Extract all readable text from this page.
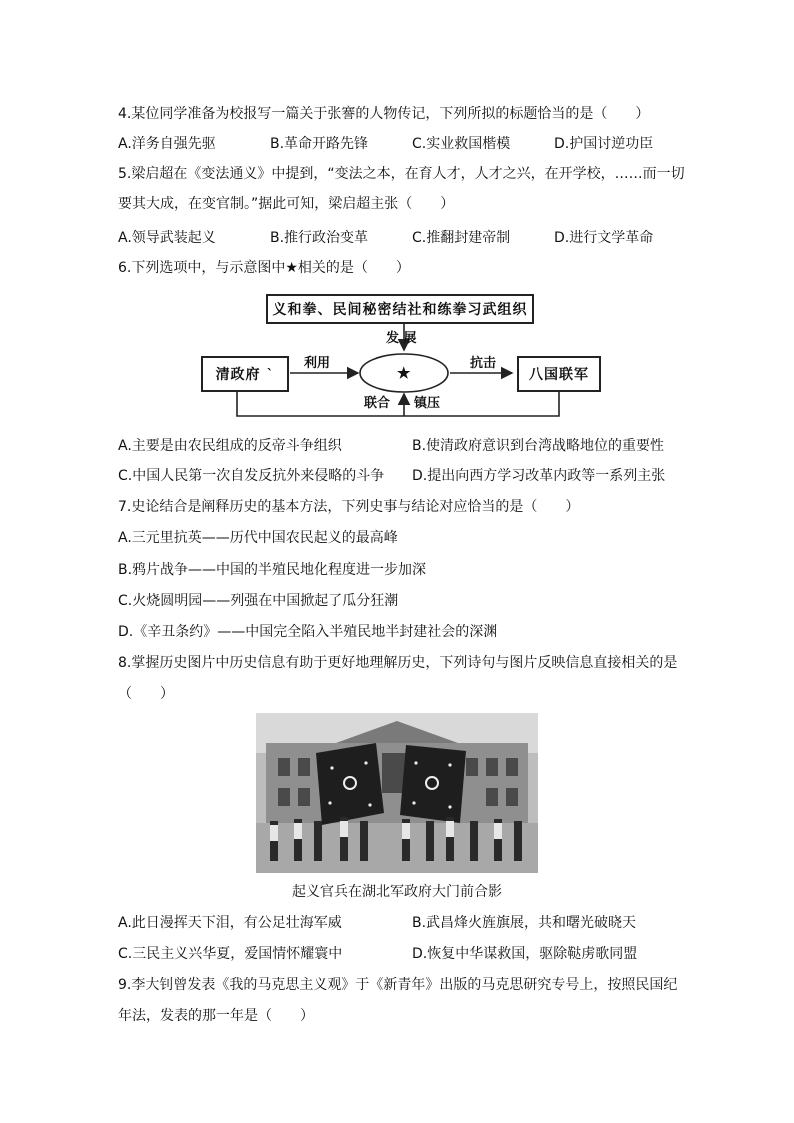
4.某位同学准备为校报写一篇关于张謇的人物传记，下列所拟的标题恰当的是（　　）
A.洋务自强先驱	B.革命开路先锋	C.实业救国楷模	D.护国讨逆功臣
5.梁启超在《变法通义》中提到，“变法之本，在育人才，人才之兴，在开学校，……而一切
要其大成，在变官制。”据此可知，梁启超主张（　　）
A.领导武装起义	B.推行政治变革	C.推翻封建帝制	D.进行文学革命
6.下列选项中，与示意图中★相关的是（　　）
义和拳、民间秘密结社和练拳习武组织
清政府 `	八国联军
★
发 展
利用	抗击
联合 镇压
A.主要是由农民组成的反帝斗争组织	B.使清政府意识到台湾战略地位的重要性
C.中国人民第一次自发反抗外来侵略的斗争 D.提出向西方学习改革内政等一系列主张
7.史论结合是阐释历史的基本方法，下列史事与结论对应恰当的是（　　）
A.三元里抗英——历代中国农民起义的最高峰
B.鸦片战争——中国的半殖民地化程度进一步加深
C.火烧圆明园——列强在中国掀起了瓜分狂潮
D.《辛丑条约》——中国完全陷入半殖民地半封建社会的深渊
8.掌握历史图片中历史信息有助于更好地理解历史，下列诗句与图片反映信息直接相关的是
（　　）
起义官兵在湖北军政府大门前合影
A.此日漫挥天下泪，有公足壮海军威	B.武昌烽火旌旗展，共和曙光破晓天
C.三民主义兴华夏，爱国情怀耀寰中	D.恢复中华谋救国，驱除鞑虏歌同盟
9.李大钊曾发表《我的马克思主义观》于《新青年》出版的马克思研究专号上，按照民国纪
年法，发表的那一年是（　　）
